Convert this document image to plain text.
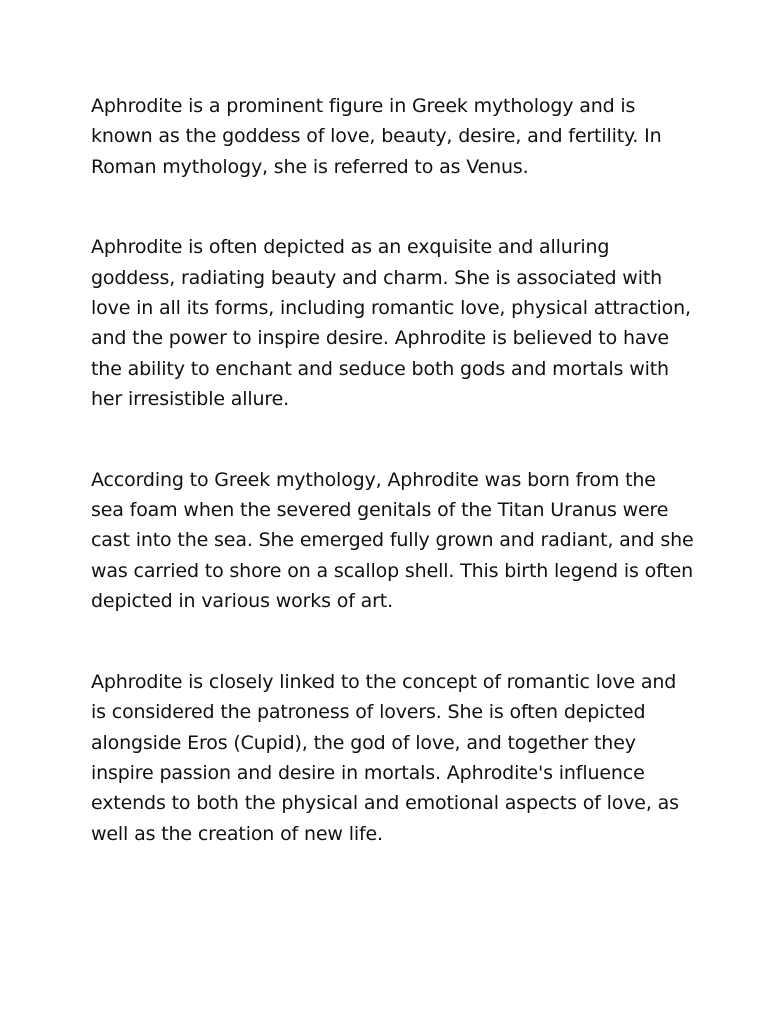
Aphrodite is a prominent figure in Greek mythology and is
known as the goddess of love, beauty, desire, and fertility. In
Roman mythology, she is referred to as Venus.

Aphrodite is often depicted as an exquisite and alluring
goddess, radiating beauty and charm. She is associated with
love in all its forms, including romantic love, physical attraction,
and the power to inspire desire. Aphrodite is believed to have
the ability to enchant and seduce both gods and mortals with
her irresistible allure.

According to Greek mythology, Aphrodite was born from the
sea foam when the severed genitals of the Titan Uranus were
cast into the sea. She emerged fully grown and radiant, and she
was carried to shore on a scallop shell. This birth legend is often
depicted in various works of art.

Aphrodite is closely linked to the concept of romantic love and
is considered the patroness of lovers. She is often depicted
alongside Eros (Cupid), the god of love, and together they
inspire passion and desire in mortals. Aphrodite's influence
extends to both the physical and emotional aspects of love, as
well as the creation of new life.
